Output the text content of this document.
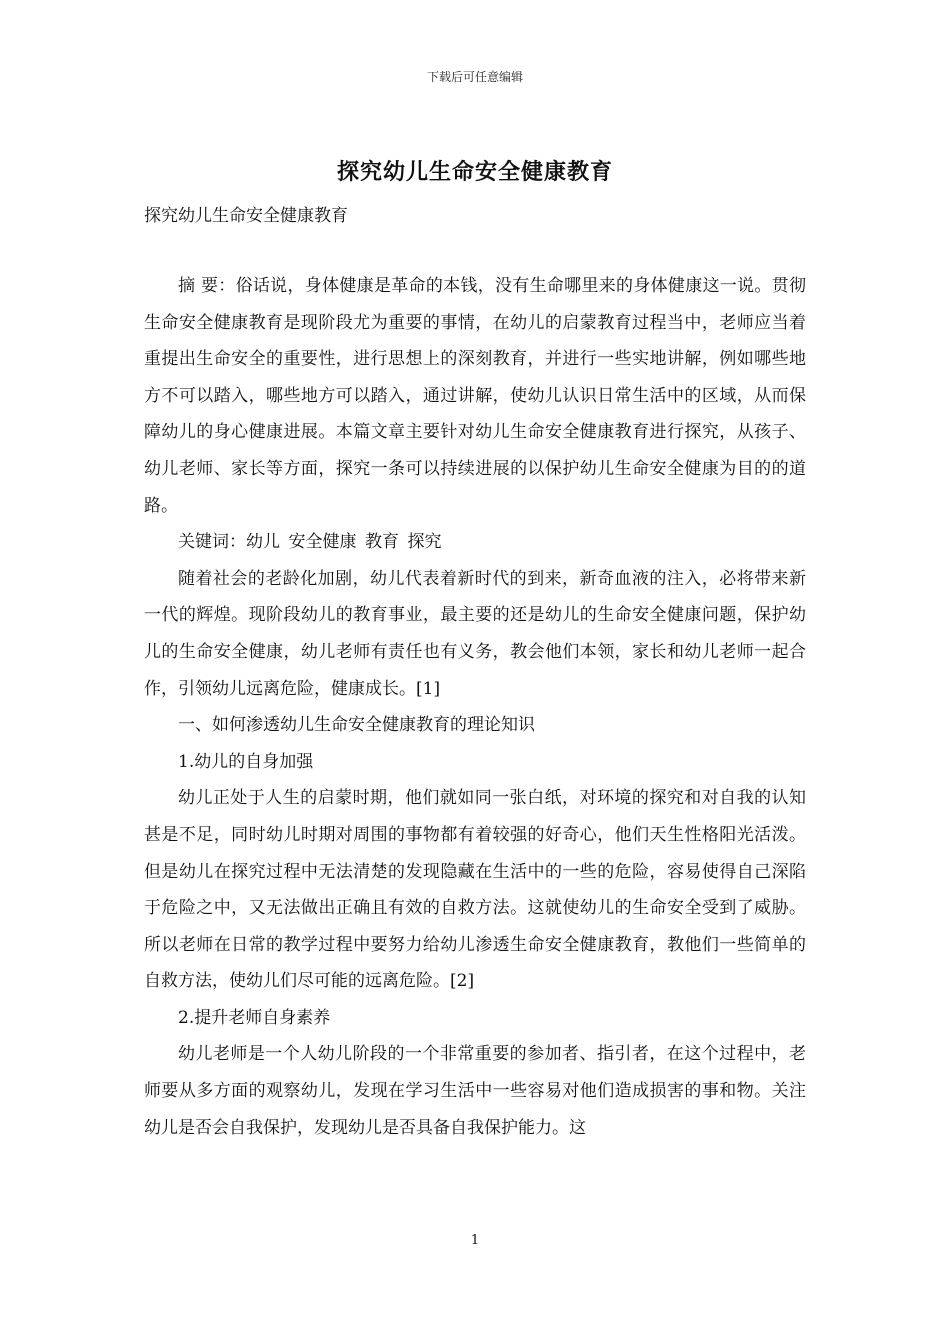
下载后可任意编辑
探究幼儿生命安全健康教育
探究幼儿生命安全健康教育

摘 要：俗话说，身体健康是革命的本钱，没有生命哪里来的身体健康这一说。贯彻生命安全健康教育是现阶段尤为重要的事情，在幼儿的启蒙教育过程当中，老师应当着重提出生命安全的重要性，进行思想上的深刻教育，并进行一些实地讲解，例如哪些地方不可以踏入，哪些地方可以踏入，通过讲解，使幼儿认识日常生活中的区域，从而保障幼儿的身心健康进展。本篇文章主要针对幼儿生命安全健康教育进行探究，从孩子、幼儿老师、家长等方面，探究一条可以持续进展的以保护幼儿生命安全健康为目的的道路。

关键词：幼儿 安全健康 教育 探究

随着社会的老龄化加剧，幼儿代表着新时代的到来，新奇血液的注入，必将带来新一代的辉煌。现阶段幼儿的教育事业，最主要的还是幼儿的生命安全健康问题，保护幼儿的生命安全健康，幼儿老师有责任也有义务，教会他们本领，家长和幼儿老师一起合作，引领幼儿远离危险，健康成长。[1]

一、如何渗透幼儿生命安全健康教育的理论知识

1.幼儿的自身加强

幼儿正处于人生的启蒙时期，他们就如同一张白纸，对环境的探究和对自我的认知甚是不足，同时幼儿时期对周围的事物都有着较强的好奇心，他们天生性格阳光活泼。但是幼儿在探究过程中无法清楚的发现隐藏在生活中的一些的危险，容易使得自己深陷于危险之中，又无法做出正确且有效的自救方法。这就使幼儿的生命安全受到了威胁。 所以老师在日常的教学过程中要努力给幼儿渗透生命安全健康教育，教他们一些简单的自救方法，使幼儿们尽可能的远离危险。[2]

2.提升老师自身素养

幼儿老师是一个人幼儿阶段的一个非常重要的参加者、指引者，在这个过程中，老师要从多方面的观察幼儿，发现在学习生活中一些容易对他们造成损害的事和物。关注幼儿是否会自我保护，发现幼儿是否具备自我保护能力。这

1
